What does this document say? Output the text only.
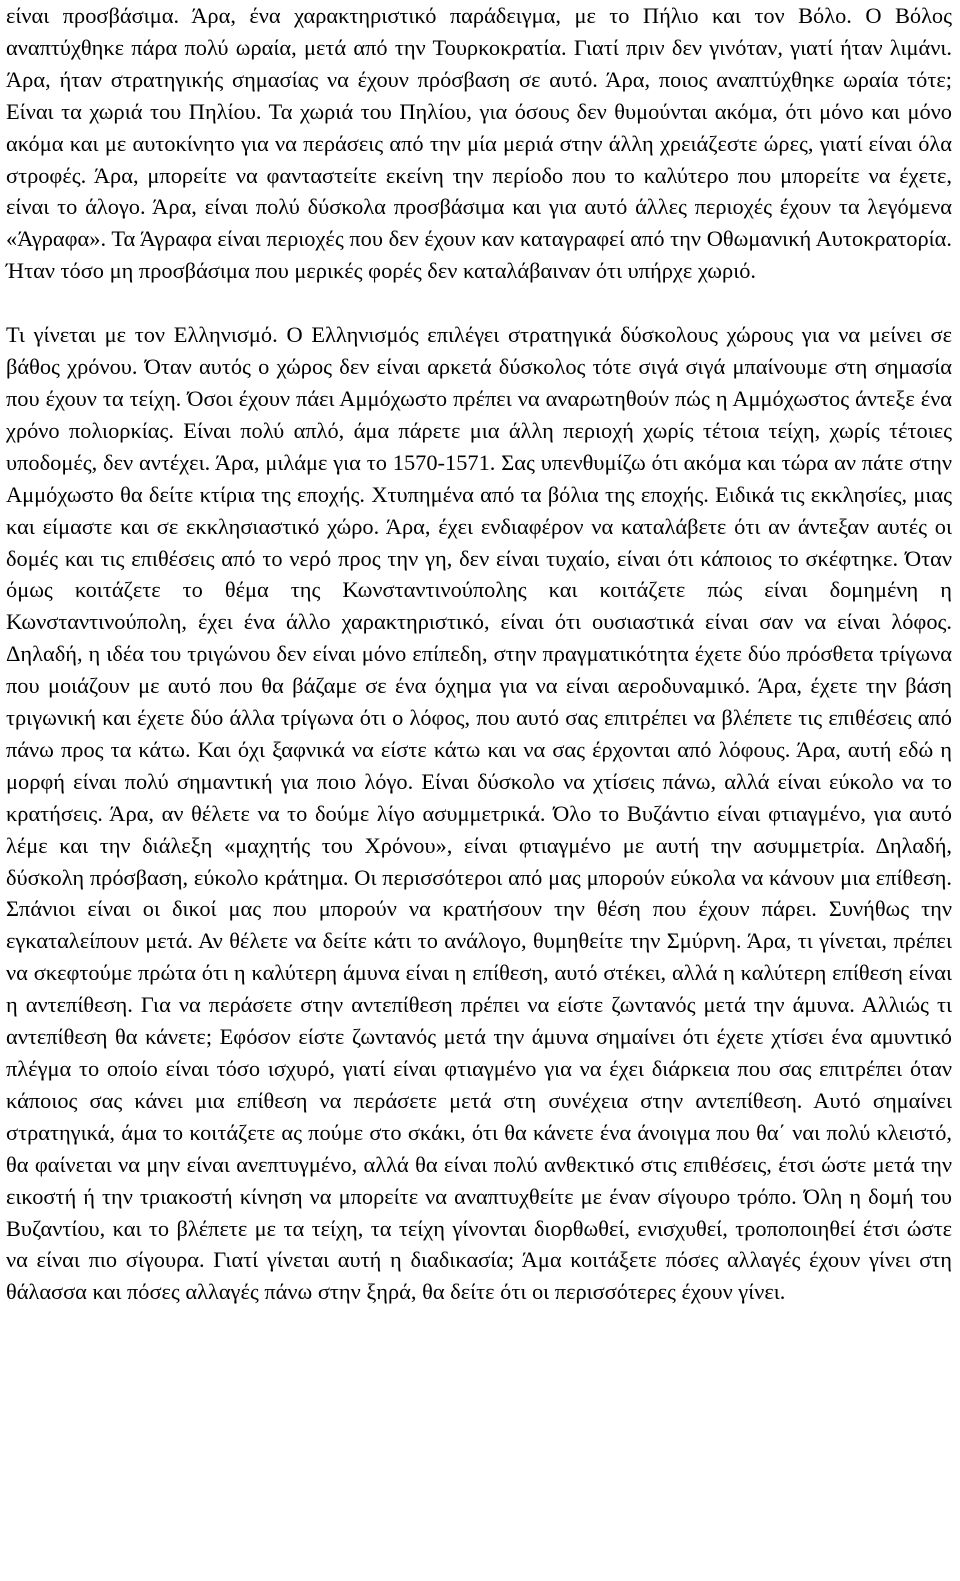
είναι προσβάσιμα. Άρα, ένα χαρακτηριστικό παράδειγμα, με το Πήλιο και τον Βόλο. Ο Βόλος αναπτύχθηκε πάρα πολύ ωραία, μετά από την Τουρκοκρατία. Γιατί πριν δεν γινόταν, γιατί ήταν λιμάνι. Άρα, ήταν στρατηγικής σημασίας να έχουν πρόσβαση σε αυτό. Άρα, ποιος αναπτύχθηκε ωραία τότε; Είναι τα χωριά του Πηλίου. Τα χωριά του Πηλίου, για όσους δεν θυμούνται ακόμα, ότι μόνο και μόνο ακόμα και με αυτοκίνητο για να περάσεις από την μία μεριά στην άλλη χρειάζεστε ώρες, γιατί είναι όλα στροφές. Άρα, μπορείτε να φανταστείτε εκείνη την περίοδο που το καλύτερο που μπορείτε να έχετε, είναι το άλογο. Άρα, είναι πολύ δύσκολα προσβάσιμα και για αυτό άλλες περιοχές έχουν τα λεγόμενα «Άγραφα». Τα Άγραφα είναι περιοχές που δεν έχουν καν καταγραφεί από την Οθωμανική Αυτοκρατορία. Ήταν τόσο μη προσβάσιμα που μερικές φορές δεν καταλάβαιναν ότι υπήρχε χωριό.

Τι γίνεται με τον Ελληνισμό. Ο Ελληνισμός επιλέγει στρατηγικά δύσκολους χώρους για να μείνει σε βάθος χρόνου. Όταν αυτός ο χώρος δεν είναι αρκετά δύσκολος τότε σιγά σιγά μπαίνουμε στη σημασία που έχουν τα τείχη. Όσοι έχουν πάει Αμμόχωστο πρέπει να αναρωτηθούν πώς η Αμμόχωστος άντεξε ένα χρόνο πολιορκίας. Είναι πολύ απλό, άμα πάρετε μια άλλη περιοχή χωρίς τέτοια τείχη, χωρίς τέτοιες υποδομές, δεν αντέχει. Άρα, μιλάμε για το 1570-1571. Σας υπενθυμίζω ότι ακόμα και τώρα αν πάτε στην Αμμόχωστο θα δείτε κτίρια της εποχής. Χτυπημένα από τα βόλια της εποχής. Ειδικά τις εκκλησίες, μιας και είμαστε και σε εκκλησιαστικό χώρο. Άρα, έχει ενδιαφέρον να καταλάβετε ότι αν άντεξαν αυτές οι δομές και τις επιθέσεις από το νερό προς την γη, δεν είναι τυχαίο, είναι ότι κάποιος το σκέφτηκε. Όταν όμως κοιτάζετε το θέμα της Κωνσταντινούπολης και κοιτάζετε πώς είναι δομημένη η Κωνσταντινούπολη, έχει ένα άλλο χαρακτηριστικό, είναι ότι ουσιαστικά είναι σαν να είναι λόφος. Δηλαδή, η ιδέα του τριγώνου δεν είναι μόνο επίπεδη, στην πραγματικότητα έχετε δύο πρόσθετα τρίγωνα που μοιάζουν με αυτό που θα βάζαμε σε ένα όχημα για να είναι αεροδυναμικό. Άρα, έχετε την βάση τριγωνική και έχετε δύο άλλα τρίγωνα ότι ο λόφος, που αυτό σας επιτρέπει να βλέπετε τις επιθέσεις από πάνω προς τα κάτω. Και όχι ξαφνικά να είστε κάτω και να σας έρχονται από λόφους. Άρα, αυτή εδώ η μορφή είναι πολύ σημαντική για ποιο λόγο. Είναι δύσκολο να χτίσεις πάνω, αλλά είναι εύκολο να το κρατήσεις. Άρα, αν θέλετε να το δούμε λίγο ασυμμετρικά. Όλο το Βυζάντιο είναι φτιαγμένο, για αυτό λέμε και την διάλεξη «μαχητής του Χρόνου», είναι φτιαγμένο με αυτή την ασυμμετρία. Δηλαδή, δύσκολη πρόσβαση, εύκολο κράτημα. Οι περισσότεροι από μας μπορούν εύκολα να κάνουν μια επίθεση. Σπάνιοι είναι οι δικοί μας που μπορούν να κρατήσουν την θέση που έχουν πάρει. Συνήθως την εγκαταλείπουν μετά. Αν θέλετε να δείτε κάτι το ανάλογο, θυμηθείτε την Σμύρνη. Άρα, τι γίνεται, πρέπει να σκεφτούμε πρώτα ότι η καλύτερη άμυνα είναι η επίθεση, αυτό στέκει, αλλά η καλύτερη επίθεση είναι η αντεπίθεση. Για να περάσετε στην αντεπίθεση πρέπει να είστε ζωντανός μετά την άμυνα. Αλλιώς τι αντεπίθεση θα κάνετε; Εφόσον είστε ζωντανός μετά την άμυνα σημαίνει ότι έχετε χτίσει ένα αμυντικό πλέγμα το οποίο είναι τόσο ισχυρό, γιατί είναι φτιαγμένο για να έχει διάρκεια που σας επιτρέπει όταν κάποιος σας κάνει μια επίθεση να περάσετε μετά στη συνέχεια στην αντεπίθεση. Αυτό σημαίνει στρατηγικά, άμα το κοιτάζετε ας πούμε στο σκάκι, ότι θα κάνετε ένα άνοιγμα που θα΄ ναι πολύ κλειστό, θα φαίνεται να μην είναι ανεπτυγμένο, αλλά θα είναι πολύ ανθεκτικό στις επιθέσεις, έτσι ώστε μετά την εικοστή ή την τριακοστή κίνηση να μπορείτε να αναπτυχθείτε με έναν σίγουρο τρόπο. Όλη η δομή του Βυζαντίου, και το βλέπετε με τα τείχη, τα τείχη γίνονται διορθωθεί, ενισχυθεί, τροποποιηθεί έτσι ώστε να είναι πιο σίγουρα. Γιατί γίνεται αυτή η διαδικασία; Άμα κοιτάξετε πόσες αλλαγές έχουν γίνει στη θάλασσα και πόσες αλλαγές πάνω στην ξηρά, θα δείτε ότι οι περισσότερες έχουν γίνει.
